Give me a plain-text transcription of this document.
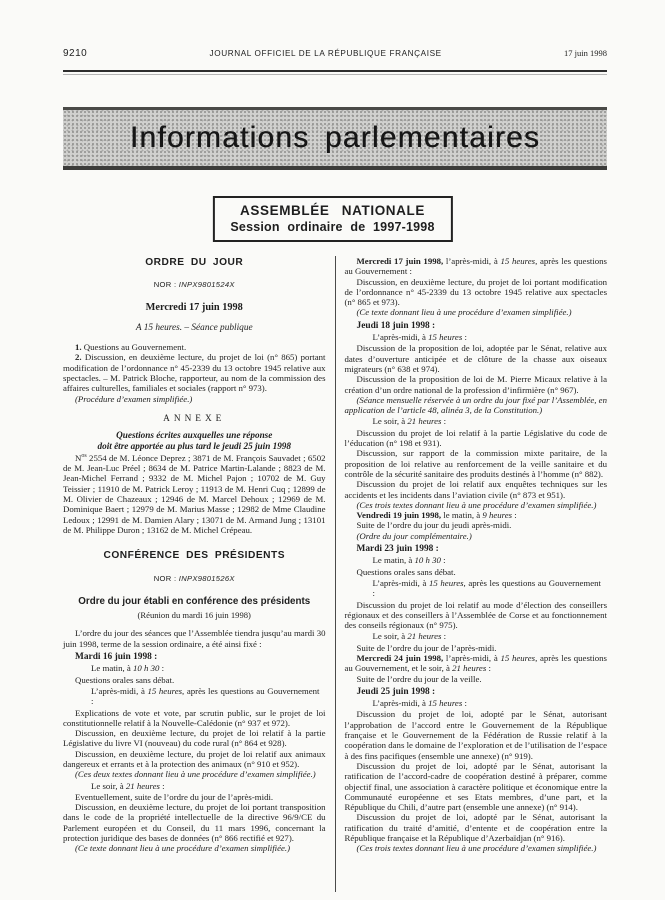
9210	JOURNAL OFFICIEL DE LA RÉPUBLIQUE FRANÇAISE	17 juin 1998
Informations parlementaires
ASSEMBLÉE NATIONALE
Session ordinaire de 1997-1998

ORDRE DU JOUR

NOR : INPX9801524X

Mercredi 17 juin 1998

A 15 heures. – Séance publique

1. Questions au Gouvernement.

2. Discussion, en deuxième lecture, du projet de loi (n° 865) portant modification de l’ordonnance n° 45-2339 du 13 octobre 1945 relative aux spectacles. – M. Patrick Bloche, rapporteur, au nom de la commission des affaires culturelles, familiales et sociales (rapport n° 973).

(Procédure d’examen simplifiée.)

ANNEXE

Questions écrites auxquelles une réponse

doit être apportée au plus tard le jeudi 25 juin 1998

$N^{os}$ 2554 de M. Léonce Deprez ; 3871 de M. François Sauvadet ; 6502 de M. Jean-Luc Préel ; 8634 de M. Patrice Martin-Lalande ; 8823 de M. Jean-Michel Ferrand ; 9332 de M. Michel Pajon ; 10702 de M. Guy Teissier ; 11910 de M. Patrick Leroy ; 11913 de M. Henri Cuq ; 12899 de M. Olivier de Chazeaux ; 12946 de M. Marcel Dehoux ; 12969 de M. Dominique Baert ; 12979 de M. Marius Masse ; 12982 de Mme Claudine Ledoux ; 12991 de M. Damien Alary ; 13071 de M. Armand Jung ; 13101 de M. Philippe Duron ; 13162 de M. Michel Crépeau.

CONFÉRENCE DES PRÉSIDENTS

NOR : INPX9801526X

Ordre du jour établi en conférence des présidents

(Réunion du mardi 16 juin 1998)

L’ordre du jour des séances que l’Assemblée tiendra jusqu’au mardi 30 juin 1998, terme de la session ordinaire, a été ainsi fixé :

Mardi 16 juin 1998 :

Le matin, à 10 h 30 :

Questions orales sans débat.

L’après-midi, à 15 heures, après les questions au Gouvernement :

Explications de vote et vote, par scrutin public, sur le projet de loi constitutionnelle relatif à la Nouvelle-Calédonie (n° 937 et 972).

Discussion, en deuxième lecture, du projet de loi relatif à la partie Législative du livre VI (nouveau) du code rural (n° 864 et 928).

Discussion, en deuxième lecture, du projet de loi relatif aux animaux dangereux et errants et à la protection des animaux (n° 910 et 952).

(Ces deux textes donnant lieu à une procédure d’examen simplifiée.)

Le soir, à 21 heures :

Eventuellement, suite de l’ordre du jour de l’après-midi.

Discussion, en deuxième lecture, du projet de loi portant transposition dans le code de la propriété intellectuelle de la directive 96/9/CE du Parlement européen et du Conseil, du 11 mars 1996, concernant la protection juridique des bases de données (n° 866 rectifié et 927).

(Ce texte donnant lieu à une procédure d’examen simplifiée.)

Mercredi 17 juin 1998, l’après-midi, à 15 heures, après les questions au Gouvernement :

Discussion, en deuxième lecture, du projet de loi portant modification de l’ordonnance n° 45-2339 du 13 octobre 1945 relative aux spectacles (n° 865 et 973).

(Ce texte donnant lieu à une procédure d’examen simplifiée.)

Jeudi 18 juin 1998 :

L’après-midi, à 15 heures :

Discussion de la proposition de loi, adoptée par le Sénat, relative aux dates d’ouverture anticipée et de clôture de la chasse aux oiseaux migrateurs (n° 638 et 974).

Discussion de la proposition de loi de M. Pierre Micaux relative à la création d’un ordre national de la profession d’infirmière (n° 967).

(Séance mensuelle réservée à un ordre du jour fixé par l’Assemblée, en application de l’article 48, alinéa 3, de la Constitution.)

Le soir, à 21 heures :

Discussion du projet de loi relatif à la partie Législative du code de l’éducation (n° 198 et 931).

Discussion, sur rapport de la commission mixte paritaire, de la proposition de loi relative au renforcement de la veille sanitaire et du contrôle de la sécurité sanitaire des produits destinés à l’homme (n° 882).

Discussion du projet de loi relatif aux enquêtes techniques sur les accidents et les incidents dans l’aviation civile (n° 873 et 951).

(Ces trois textes donnant lieu à une procédure d’examen simplifiée.)

Vendredi 19 juin 1998, le matin, à 9 heures :

Suite de l’ordre du jour du jeudi après-midi.

(Ordre du jour complémentaire.)

Mardi 23 juin 1998 :

Le matin, à 10 h 30 :

Questions orales sans débat.

L’après-midi, à 15 heures, après les questions au Gouvernement :

Discussion du projet de loi relatif au mode d’élection des conseillers régionaux et des conseillers à l’Assemblée de Corse et au fonctionnement des conseils régionaux (n° 975).

Le soir, à 21 heures :

Suite de l’ordre du jour de l’après-midi.

Mercredi 24 juin 1998, l’après-midi, à 15 heures, après les questions au Gouvernement, et le soir, à 21 heures :

Suite de l’ordre du jour de la veille.

Jeudi 25 juin 1998 :

L’après-midi, à 15 heures :

Discussion du projet de loi, adopté par le Sénat, autorisant l’approbation de l’accord entre le Gouvernement de la République française et le Gouvernement de la Fédération de Russie relatif à la coopération dans le domaine de l’exploration et de l’utilisation de l’espace à des fins pacifiques (ensemble une annexe) (n° 919).

Discussion du projet de loi, adopté par le Sénat, autorisant la ratification de l’accord-cadre de coopération destiné à préparer, comme objectif final, une association à caractère politique et économique entre la Communauté européenne et ses Etats membres, d’une part, et la République du Chili, d’autre part (ensemble une annexe) (n° 914).

Discussion du projet de loi, adopté par le Sénat, autorisant la ratification du traité d’amitié, d’entente et de coopération entre la République française et la République d’Azerbaïdjan (n° 916).

(Ces trois textes donnant lieu à une procédure d’examen simplifiée.)
